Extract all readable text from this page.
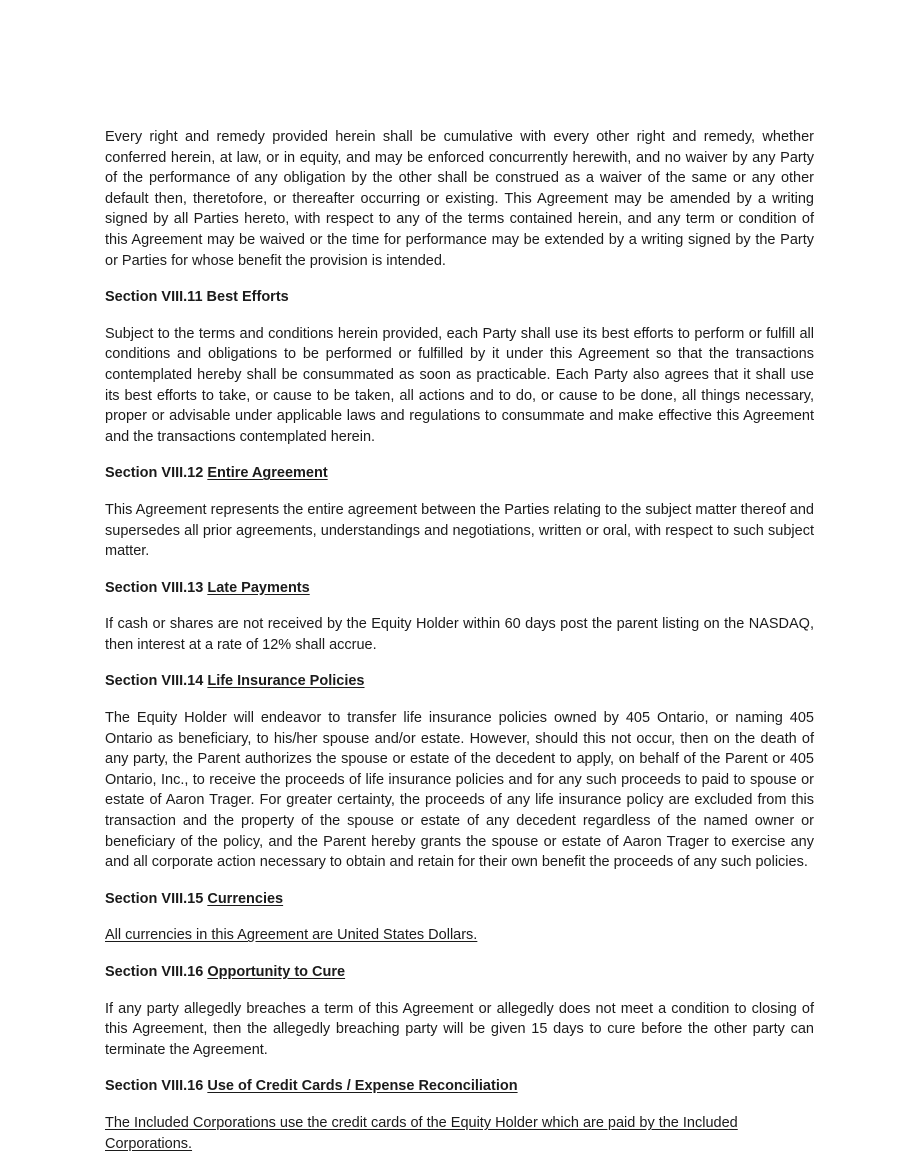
Every right and remedy provided herein shall be cumulative with every other right and remedy, whether conferred herein, at law, or in equity, and may be enforced concurrently herewith, and no waiver by any Party of the performance of any obligation by the other shall be construed as a waiver of the same or any other default then, theretofore, or thereafter occurring or existing. This Agreement may be amended by a writing signed by all Parties hereto, with respect to any of the terms contained herein, and any term or condition of this Agreement may be waived or the time for performance may be extended by a writing signed by the Party or Parties for whose benefit the provision is intended.

Section VIII.11 Best Efforts

Subject to the terms and conditions herein provided, each Party shall use its best efforts to perform or fulfill all conditions and obligations to be performed or fulfilled by it under this Agreement so that the transactions contemplated hereby shall be consummated as soon as practicable. Each Party also agrees that it shall use its best efforts to take, or cause to be taken, all actions and to do, or cause to be done, all things necessary, proper or advisable under applicable laws and regulations to consummate and make effective this Agreement and the transactions contemplated herein.

Section VIII.12 Entire Agreement

This Agreement represents the entire agreement between the Parties relating to the subject matter thereof and supersedes all prior agreements, understandings and negotiations, written or oral, with respect to such subject matter.

Section VIII.13 Late Payments

If cash or shares are not received by the Equity Holder within 60 days post the parent listing on the NASDAQ, then interest at a rate of 12% shall accrue.

Section VIII.14 Life Insurance Policies

The Equity Holder will endeavor to transfer life insurance policies owned by 405 Ontario, or naming 405 Ontario as beneficiary, to his/her spouse and/or estate. However, should this not occur, then on the death of any party, the Parent authorizes the spouse or estate of the decedent to apply, on behalf of the Parent or 405 Ontario, Inc., to receive the proceeds of life insurance policies and for any such proceeds to paid to spouse or estate of Aaron Trager. For greater certainty, the proceeds of any life insurance policy are excluded from this transaction and the property of the spouse or estate of any decedent regardless of the named owner or beneficiary of the policy, and the Parent hereby grants the spouse or estate of Aaron Trager to exercise any and all corporate action necessary to obtain and retain for their own benefit the proceeds of any such policies.

Section VIII.15 Currencies

All currencies in this Agreement are United States Dollars.

Section VIII.16 Opportunity to Cure

If any party allegedly breaches a term of this Agreement or allegedly does not meet a condition to closing of this Agreement, then the allegedly breaching party will be given 15 days to cure before the other party can terminate the Agreement.

Section VIII.16 Use of Credit Cards / Expense Reconciliation

The Included Corporations use the credit cards of the Equity Holder which are paid by the Included Corporations.
